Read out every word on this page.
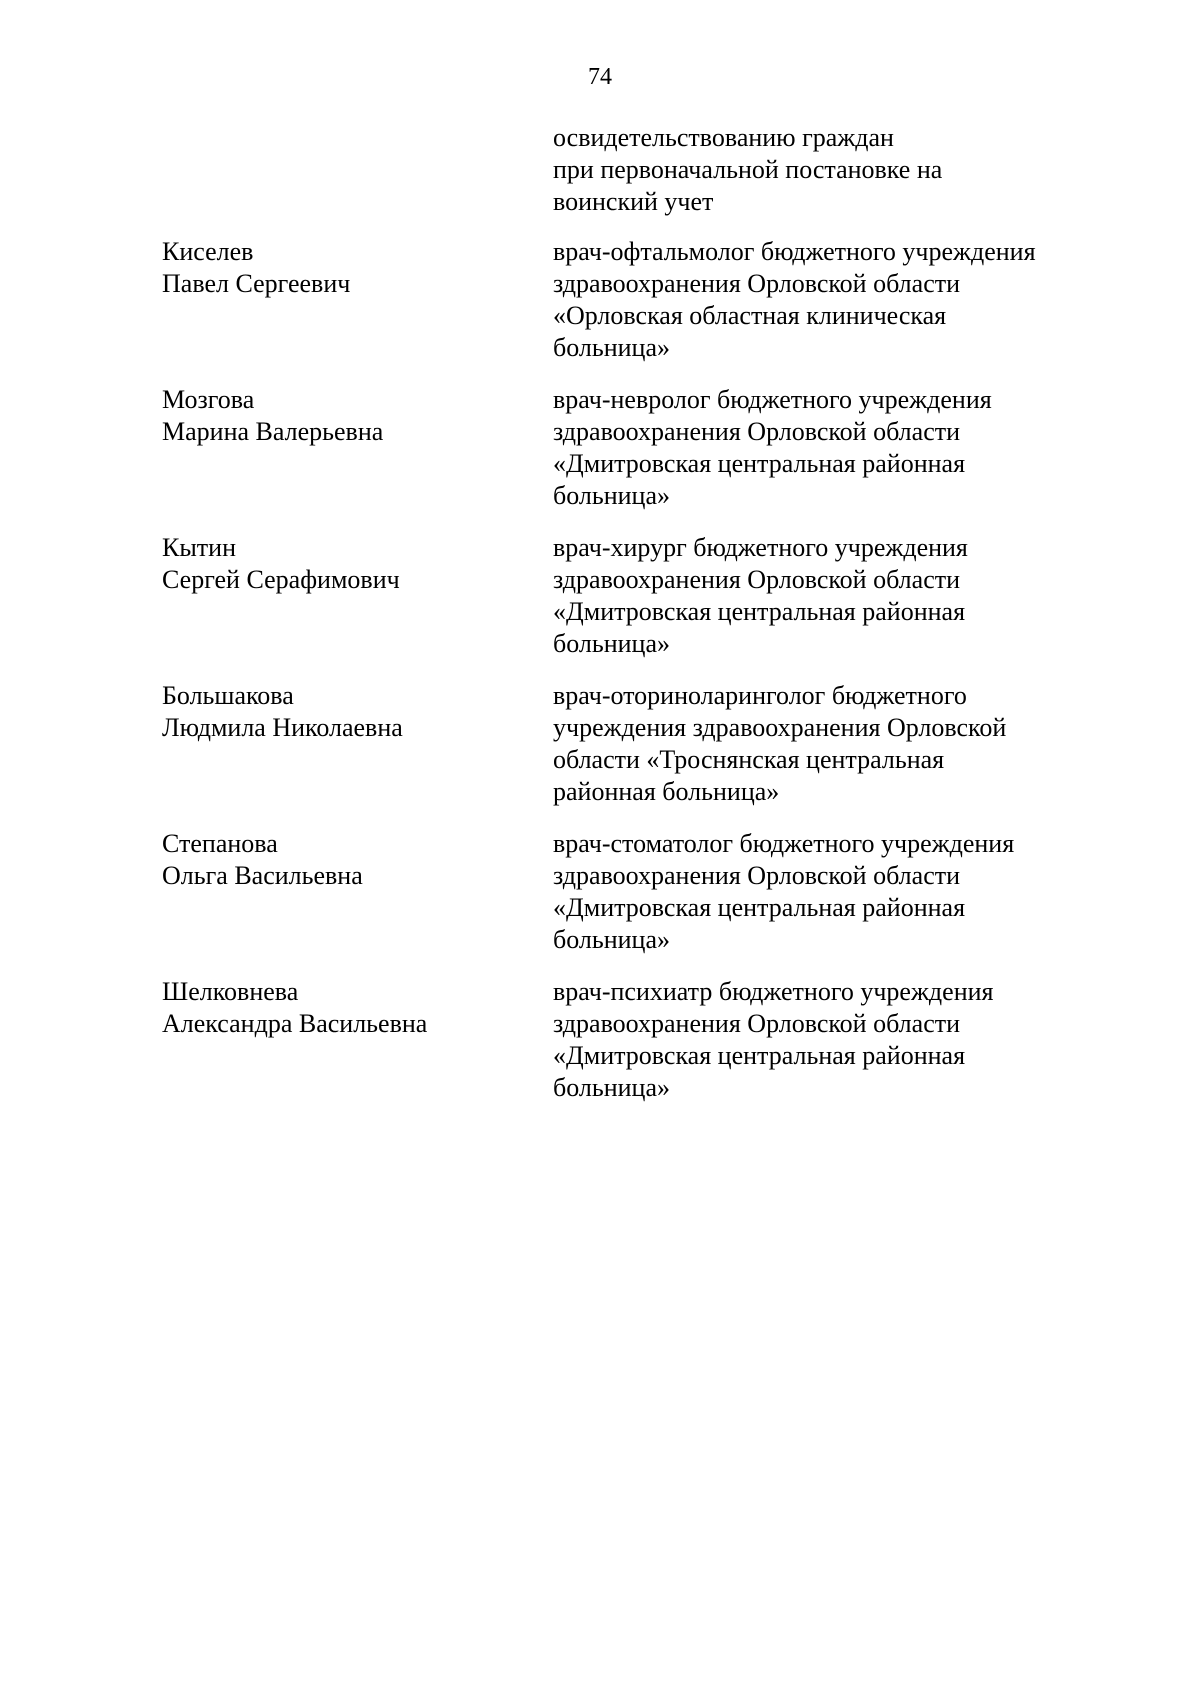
74
освидетельствованию граждан
при первоначальной постановке на
воинский учет
Киселев
Павел Сергеевич
врач-офтальмолог бюджетного учреждения
здравоохранения Орловской области
«Орловская областная клиническая
больница»
Мозгова
Марина Валерьевна
врач-невролог бюджетного учреждения
здравоохранения Орловской области
«Дмитровская центральная районная
больница»
Кытин
Сергей Серафимович
врач-хирург бюджетного учреждения
здравоохранения Орловской области
«Дмитровская центральная районная
больница»
Большакова
Людмила Николаевна
врач-оториноларинголог бюджетного
учреждения здравоохранения Орловской
области «Троснянская центральная
районная больница»
Степанова
Ольга Васильевна
врач-стоматолог бюджетного учреждения
здравоохранения Орловской области
«Дмитровская центральная районная
больница»
Шелковнева
Александра Васильевна
врач-психиатр бюджетного учреждения
здравоохранения Орловской области
«Дмитровская центральная районная
больница»
